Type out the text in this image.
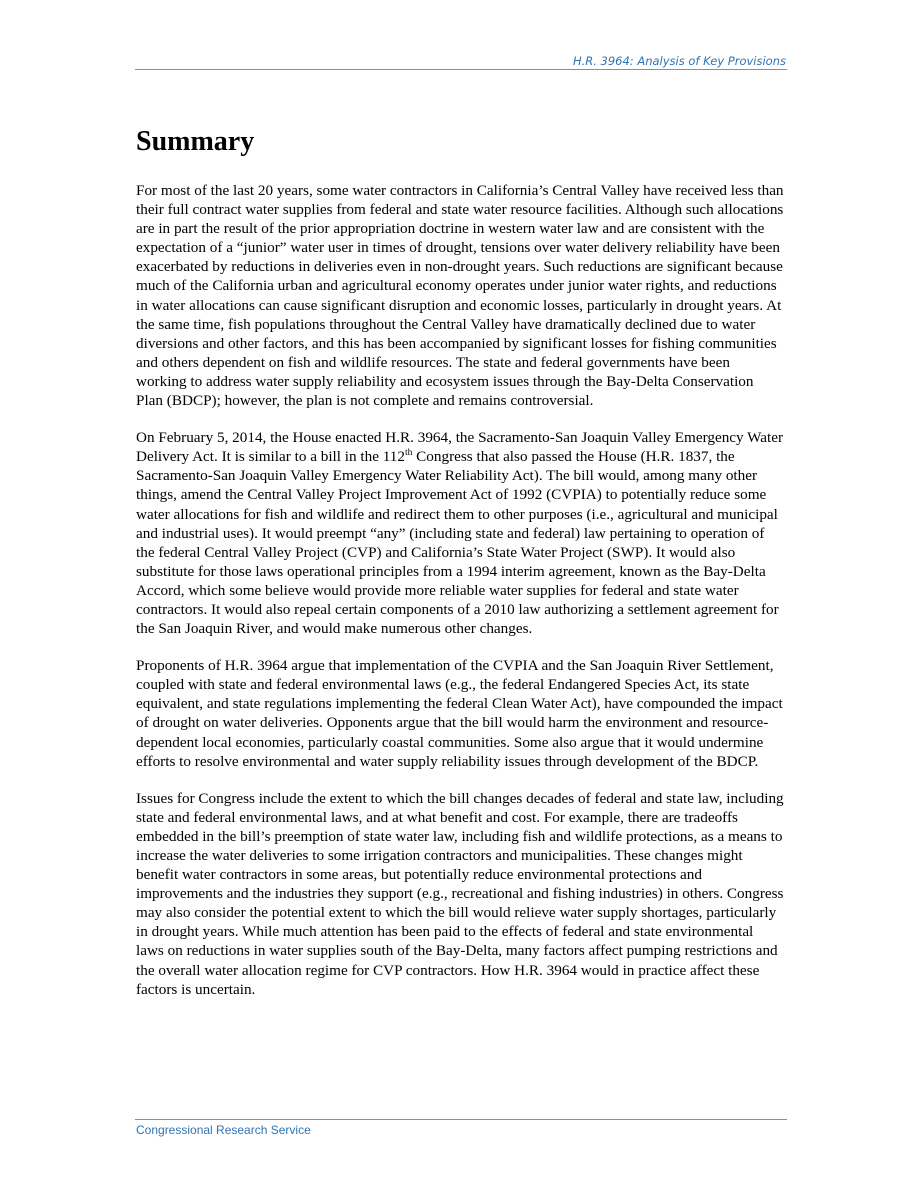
H.R. 3964: Analysis of Key Provisions
Summary

For most of the last 20 years, some water contractors in California’s Central Valley have received less than their full contract water supplies from federal and state water resource facilities. Although such allocations are in part the result of the prior appropriation doctrine in western water law and are consistent with the expectation of a “junior” water user in times of drought, tensions over water delivery reliability have been exacerbated by reductions in deliveries even in non-drought years. Such reductions are significant because much of the California urban and agricultural economy operates under junior water rights, and reductions in water allocations can cause significant disruption and economic losses, particularly in drought years. At the same time, fish populations throughout the Central Valley have dramatically declined due to water diversions and other factors, and this has been accompanied by significant losses for fishing communities and others dependent on fish and wildlife resources. The state and federal governments have been working to address water supply reliability and ecosystem issues through the Bay-Delta Conservation Plan (BDCP); however, the plan is not complete and remains controversial.

On February 5, 2014, the House enacted H.R. 3964, the Sacramento-San Joaquin Valley Emergency Water Delivery Act. It is similar to a bill in the 112th Congress that also passed the House (H.R. 1837, the Sacramento-San Joaquin Valley Emergency Water Reliability Act). The bill would, among many other things, amend the Central Valley Project Improvement Act of 1992 (CVPIA) to potentially reduce some water allocations for fish and wildlife and redirect them to other purposes (i.e., agricultural and municipal and industrial uses). It would preempt “any” (including state and federal) law pertaining to operation of the federal Central Valley Project (CVP) and California’s State Water Project (SWP). It would also substitute for those laws operational principles from a 1994 interim agreement, known as the Bay-Delta Accord, which some believe would provide more reliable water supplies for federal and state water contractors. It would also repeal certain components of a 2010 law authorizing a settlement agreement for the San Joaquin River, and would make numerous other changes.

Proponents of H.R. 3964 argue that implementation of the CVPIA and the San Joaquin River Settlement, coupled with state and federal environmental laws (e.g., the federal Endangered Species Act, its state equivalent, and state regulations implementing the federal Clean Water Act), have compounded the impact of drought on water deliveries. Opponents argue that the bill would harm the environment and resource-dependent local economies, particularly coastal communities. Some also argue that it would undermine efforts to resolve environmental and water supply reliability issues through development of the BDCP.

Issues for Congress include the extent to which the bill changes decades of federal and state law, including state and federal environmental laws, and at what benefit and cost. For example, there are tradeoffs embedded in the bill’s preemption of state water law, including fish and wildlife protections, as a means to increase the water deliveries to some irrigation contractors and municipalities. These changes might benefit water contractors in some areas, but potentially reduce environmental protections and improvements and the industries they support (e.g., recreational and fishing industries) in others. Congress may also consider the potential extent to which the bill would relieve water supply shortages, particularly in drought years. While much attention has been paid to the effects of federal and state environmental laws on reductions in water supplies south of the Bay-Delta, many factors affect pumping restrictions and the overall water allocation regime for CVP contractors. How H.R. 3964 would in practice affect these factors is uncertain.

Congressional Research Service
